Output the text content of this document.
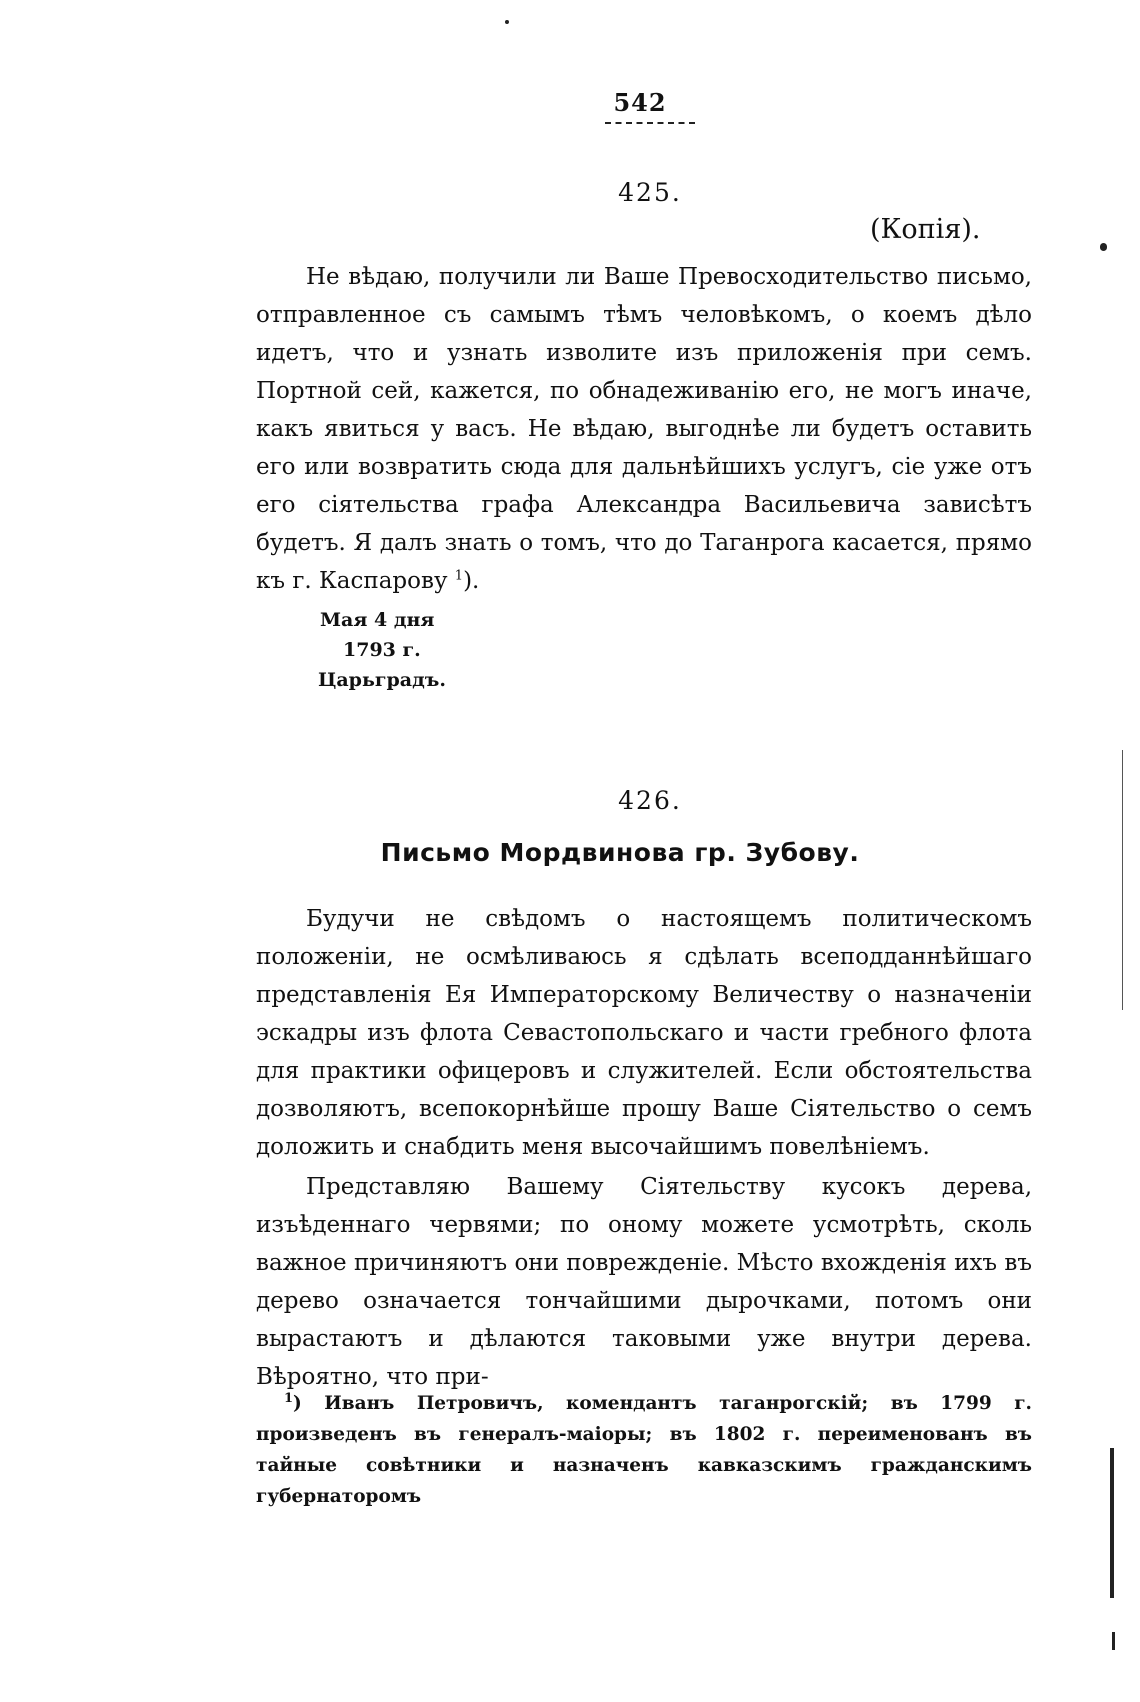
542
425.
(Копія).

Не вѣдаю, получили ли Ваше Превосходительство письмо, отправленное съ самымъ тѣмъ человѣкомъ, о коемъ дѣло идетъ, что и узнать изволите изъ приложенія при семъ. Портной сей, кажется, по обнадеживанію его, не могъ иначе, какъ явиться у васъ. Не вѣдаю, выгоднѣе ли будетъ оставить его или возвратить сюда для дальнѣйшихъ услугъ, сіе уже отъ его сіятельства графа Александра Васильевича зависѣтъ будетъ. Я далъ знать о томъ, что до Таганрога касается, прямо къ г. Каспарову $^1$).

Мая 4 дня
1793 г.
Царьградъ.
426.
Письмо Мордвинова гр. Зубову.

Будучи не свѣдомъ о настоящемъ политическомъ положеніи, не осмѣливаюсь я сдѣлать всеподданнѣйшаго представленія Ея Императорскому Величеству о назначеніи эскадры изъ флота Севастопольскаго и части гребного флота для практики офицеровъ и служителей. Если обстоятельства дозволяютъ, всепокорнѣйше прошу Ваше Сіятельство о семъ доложить и снабдить меня высочайшимъ повелѣніемъ.

Представляю Вашему Сіятельству кусокъ дерева, изъѣденнаго червями; по оному можете усмотрѣть, сколь важное причиняютъ они поврежденіе. Мѣсто вхожденія ихъ въ дерево означается тончайшими дырочками, потомъ они вырастаютъ и дѣлаются таковыми уже внутри дерева. Вѣроятно, что при-

$^1$) Иванъ Петровичъ, комендантъ таганрогскій; въ 1799 г. произведенъ въ генералъ-маіоры; въ 1802 г. переименованъ въ тайные совѣтники и назначенъ кавказскимъ гражданскимъ губернаторомъ
